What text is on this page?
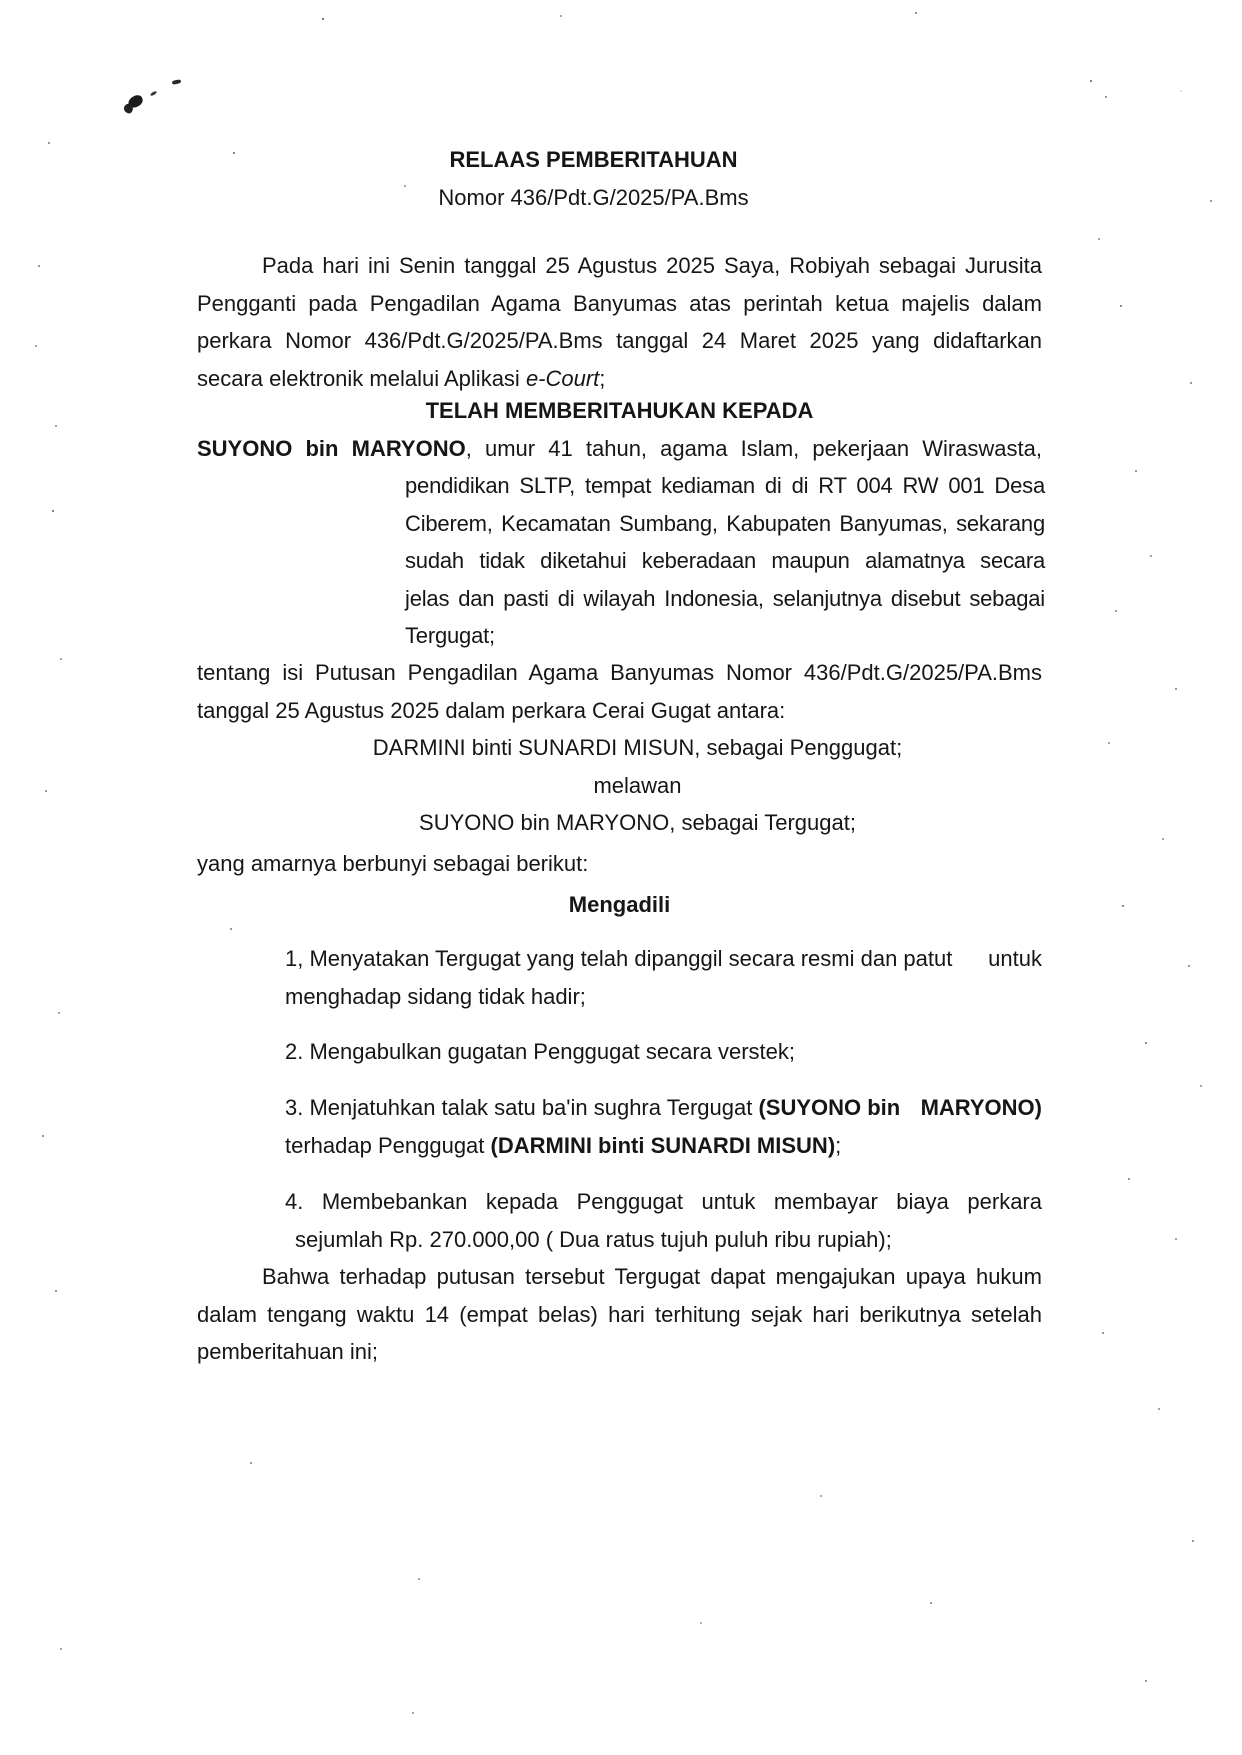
RELAAS PEMBERITAHUAN
Nomor 436/Pdt.G/2025/PA.Bms
Pada hari ini Senin tanggal 25 Agustus 2025 Saya, Robiyah sebagai Jurusita
Pengganti pada Pengadilan Agama Banyumas atas perintah ketua majelis dalam
perkara Nomor 436/Pdt.G/2025/PA.Bms tanggal 24 Maret 2025 yang didaftarkan
secara elektronik melalui Aplikasi e-Court;
TELAH MEMBERITAHUKAN KEPADA
SUYONO bin MARYONO, umur 41 tahun, agama Islam, pekerjaan Wiraswasta,
pendidikan SLTP, tempat kediaman di di RT 004 RW 001 Desa
Ciberem, Kecamatan Sumbang, Kabupaten Banyumas, sekarang
sudah tidak diketahui keberadaan maupun alamatnya secara
jelas dan pasti di wilayah Indonesia, selanjutnya disebut sebagai
Tergugat;
tentang isi Putusan Pengadilan Agama Banyumas Nomor 436/Pdt.G/2025/PA.Bms
tanggal 25 Agustus 2025 dalam perkara Cerai Gugat antara:
DARMINI binti SUNARDI MISUN, sebagai Penggugat;
melawan
SUYONO bin MARYONO, sebagai Tergugat;
yang amarnya berbunyi sebagai berikut:
Mengadili
1, Menyatakan Tergugat yang telah dipanggil secara resmi dan patut untuk
menghadap sidang tidak hadir;
2. Mengabulkan gugatan Penggugat secara verstek;
3. Menjatuhkan talak satu ba'in sughra Tergugat (SUYONO bin MARYONO)
terhadap Penggugat (DARMINI binti SUNARDI MISUN);
4. Membebankan kepada Penggugat untuk membayar biaya perkara
sejumlah Rp. 270.000,00 ( Dua ratus tujuh puluh ribu rupiah);
Bahwa terhadap putusan tersebut Tergugat dapat mengajukan upaya hukum
dalam tengang waktu 14 (empat belas) hari terhitung sejak hari berikutnya setelah
pemberitahuan ini;
